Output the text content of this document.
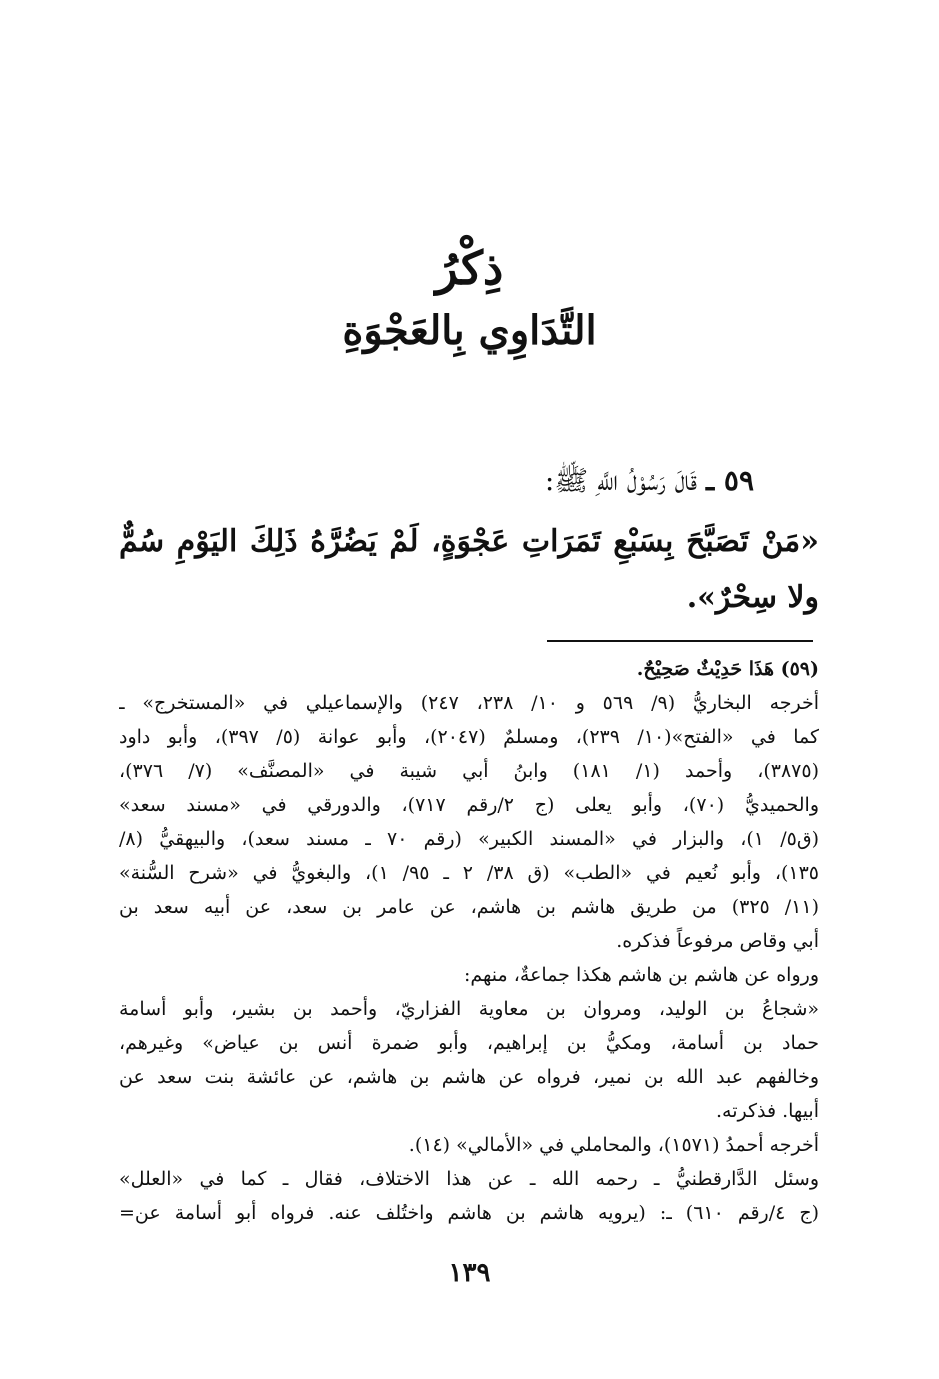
ذِكْرُ
التَّدَاوِي بِالعَجْوَةِ

٥٩ ـ قَالَ رَسُوْلُ اللَّهِ ﷺ:

«مَنْ تَصَبَّحَ بِسَبْعِ تَمَرَاتِ عَجْوَةٍ، لَمْ يَضُرَّهُ ذَلِكَ اليَوْمِ سُمٌّ ولا سِحْرٌ».

(٥٩) هَذَا حَدِيْثٌ صَحِيْحٌ.
أخرجه البخاريُّ (٩/ ٥٦٩ و ١٠/ ٢٣٨، ٢٤٧) والإسماعيلي في «المستخرج» ـ
كما في «الفتح»(١٠/ ٢٣٩)، ومسلمٌ (٢٠٤٧)، وأبو عوانة (٥/ ٣٩٧)، وأبو داود
(٣٨٧٥)، وأحمد (١/ ١٨١) وابنُ أبي شيبة في «المصنَّف» (٧/ ٣٧٦)،
والحميديُّ (٧٠)، وأبو يعلى (ج ٢/رقم ٧١٧)، والدورقي في «مسند سعد»
(ق٥/ ١)، والبزار في «المسند الكبير» (رقم ٧٠ ـ مسند سعد)، والبيهقيُّ (٨/
١٣٥)، وأبو نُعيم في «الطب» (ق ٣٨/ ٢ ـ ٩٥/ ١)، والبغويُّ في «شرح السُّنة»
(١١/ ٣٢٥) من طريق هاشم بن هاشم، عن عامر بن سعد، عن أبيه سعد بن
أبي وقاص مرفوعاً فذكره.
ورواه عن هاشم بن هاشم هكذا جماعةٌ، منهم:
«شجاعُ بن الوليد، ومروان بن معاوية الفزاريّ، وأحمد بن بشير، وأبو أسامة
حماد بن أسامة، ومكيُّ بن إبراهيم، وأبو ضمرة أنس بن عياض» وغيرهم،
وخالفهم عبد الله بن نمير، فرواه عن هاشم بن هاشم، عن عائشة بنت سعد عن
أبيها. فذكرته.
أخرجه أحمدُ (١٥٧١)، والمحاملي في «الأمالي» (١٤).
وسئل الدَّارقطنيُّ ـ رحمه الله ـ عن هذا الاختلاف، فقال ـ كما في «العلل»
(ج ٤/رقم ٦١٠) ـ: (يرويه هاشم بن هاشم واختُلف عنه. فرواه أبو أسامة عن=

١٣٩
